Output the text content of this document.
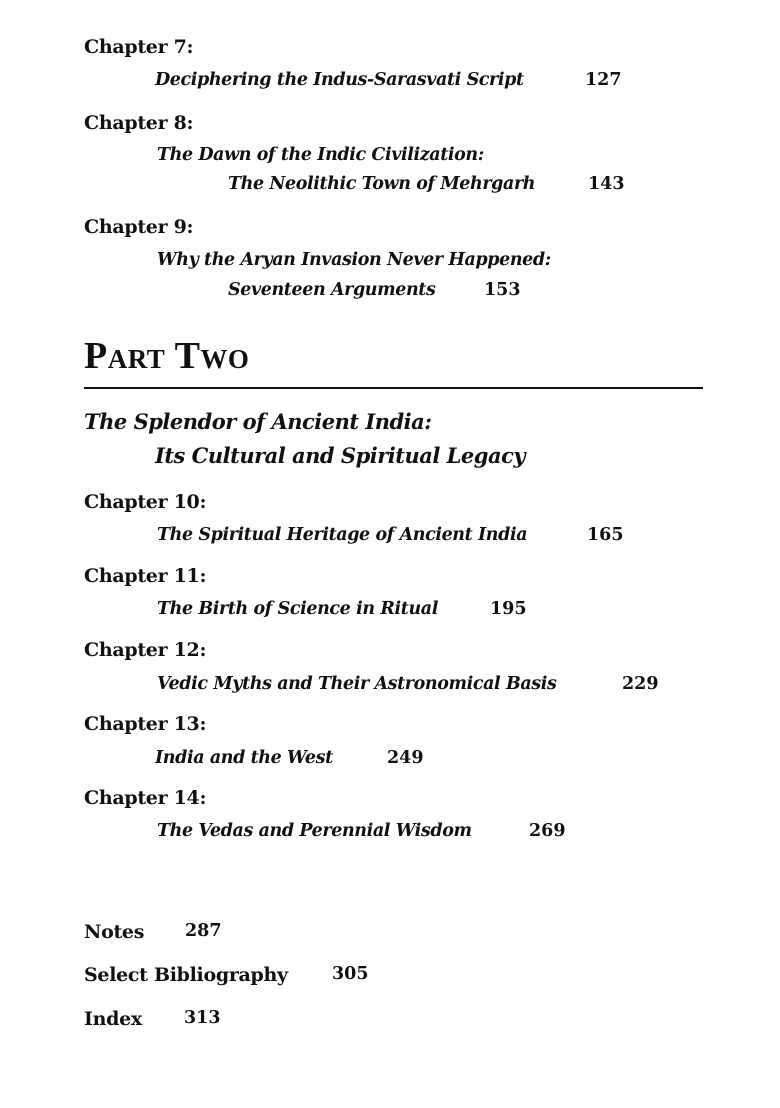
Chapter 7:
Deciphering the Indus-Sarasvati Script	127
Chapter 8:
The Dawn of the Indic Civilization:
The Neolithic Town of Mehrgarh	143
Chapter 9:
Why the Aryan Invasion Never Happened:
Seventeen Arguments	153
Part Two
The Splendor of Ancient India:
Its Cultural and Spiritual Legacy
Chapter 10:
The Spiritual Heritage of Ancient India	165
Chapter 11:
The Birth of Science in Ritual	195
Chapter 12:
Vedic Myths and Their Astronomical Basis	229
Chapter 13:
India and the West	249
Chapter 14:
The Vedas and Perennial Wisdom	269
Notes 287
Select Bibliography	305
Index 313
